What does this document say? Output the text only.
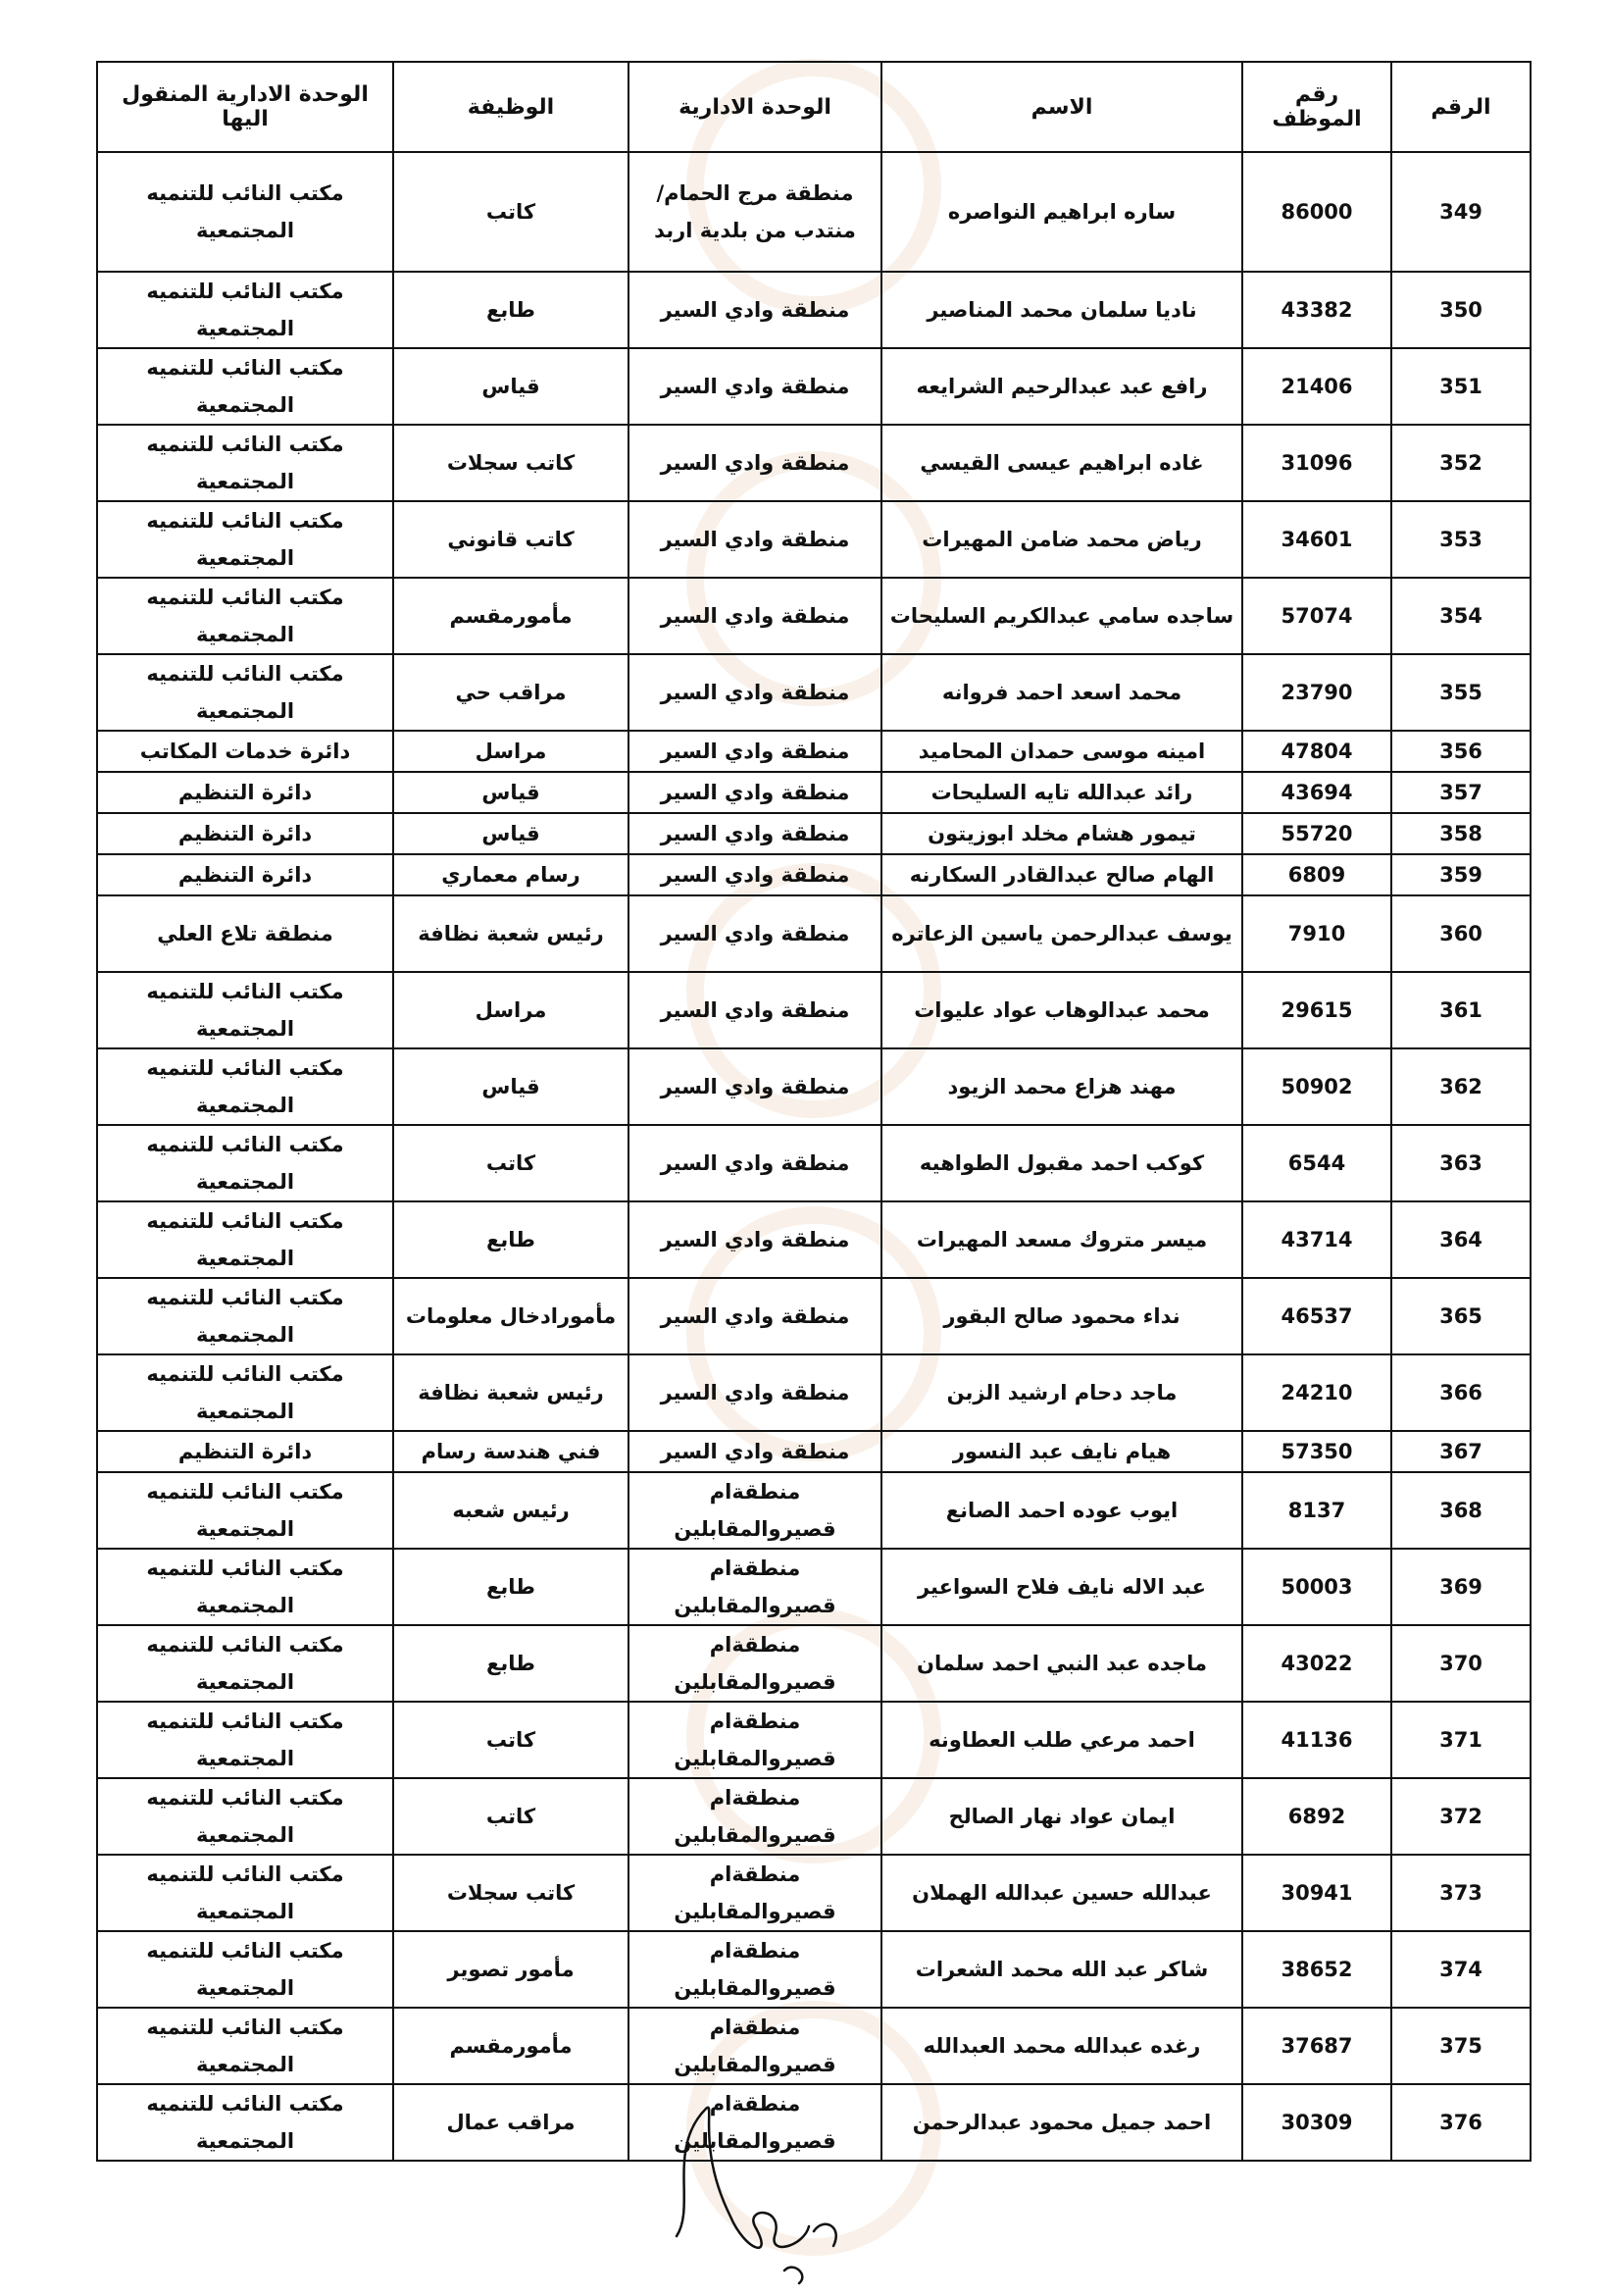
الرقم	رقم الموظف	الاسم	الوحدة الادارية	الوظيفة	الوحدة الادارية المنقول اليها
349	86000	ساره ابراهيم النواصره	منطقة مرج الحمام/منتدب من بلدية اربد	كاتب	مكتب النائب للتنميه المجتمعية
350	43382	ناديا سلمان محمد المناصير	منطقة وادي السير	طابع	مكتب النائب للتنميه المجتمعية
351	21406	رافع عبد عبدالرحيم الشرايعه	منطقة وادي السير	قياس	مكتب النائب للتنميه المجتمعية
352	31096	غاده ابراهيم عيسى القيسي	منطقة وادي السير	كاتب سجلات	مكتب النائب للتنميه المجتمعية
353	34601	رياض محمد ضامن المهيرات	منطقة وادي السير	كاتب قانوني	مكتب النائب للتنميه المجتمعية
354	57074	ساجده سامي عبدالكريم السليحات	منطقة وادي السير	مأمورمقسم	مكتب النائب للتنميه المجتمعية
355	23790	محمد اسعد احمد فروانه	منطقة وادي السير	مراقب حي	مكتب النائب للتنميه المجتمعية
356	47804	امينه موسى حمدان المحاميد	منطقة وادي السير	مراسل	دائرة خدمات المكاتب
357	43694	رائد عبدالله تايه السليحات	منطقة وادي السير	قياس	دائرة التنظيم
358	55720	تيمور هشام مخلد ابوزيتون	منطقة وادي السير	قياس	دائرة التنظيم
359	6809	الهام صالح عبدالقادر السكارنه	منطقة وادي السير	رسام معماري	دائرة التنظيم
360	7910	يوسف عبدالرحمن ياسين الزعاتره	منطقة وادي السير	رئيس شعبة نظافة	منطقة تلاع العلي
361	29615	محمد عبدالوهاب عواد عليوات	منطقة وادي السير	مراسل	مكتب النائب للتنميه المجتمعية
362	50902	مهند هزاع محمد الزيود	منطقة وادي السير	قياس	مكتب النائب للتنميه المجتمعية
363	6544	كوكب احمد مقبول الطواهيه	منطقة وادي السير	كاتب	مكتب النائب للتنميه المجتمعية
364	43714	ميسر متروك مسعد المهيرات	منطقة وادي السير	طابع	مكتب النائب للتنميه المجتمعية
365	46537	نداء محمود صالح البقور	منطقة وادي السير	مأمورادخال معلومات	مكتب النائب للتنميه المجتمعية
366	24210	ماجد دحام ارشيد الزبن	منطقة وادي السير	رئيس شعبة نظافة	مكتب النائب للتنميه المجتمعية
367	57350	هيام نايف عبد النسور	منطقة وادي السير	فني هندسة رسام	دائرة التنظيم
368	8137	ايوب عوده احمد الصانع	منطقةام قصيروالمقابلين	رئيس شعبه	مكتب النائب للتنميه المجتمعية
369	50003	عبد الاله نايف فلاح السواعير	منطقةام قصيروالمقابلين	طابع	مكتب النائب للتنميه المجتمعية
370	43022	ماجده عبد النبي احمد سلمان	منطقةام قصيروالمقابلين	طابع	مكتب النائب للتنميه المجتمعية
371	41136	احمد مرعي طلب العطاونه	منطقةام قصيروالمقابلين	كاتب	مكتب النائب للتنميه المجتمعية
372	6892	ايمان عواد نهار الصالح	منطقةام قصيروالمقابلين	كاتب	مكتب النائب للتنميه المجتمعية
373	30941	عبدالله حسين عبدالله الهملان	منطقةام قصيروالمقابلين	كاتب سجلات	مكتب النائب للتنميه المجتمعية
374	38652	شاكر عبد الله محمد الشعرات	منطقةام قصيروالمقابلين	مأمور تصوير	مكتب النائب للتنميه المجتمعية
375	37687	رغده عبدالله محمد العبدالله	منطقةام قصيروالمقابلين	مأمورمقسم	مكتب النائب للتنميه المجتمعية
376	30309	احمد جميل محمود عبدالرحمن	منطقةام قصيروالمقابلين	مراقب عمال	مكتب النائب للتنميه المجتمعية
